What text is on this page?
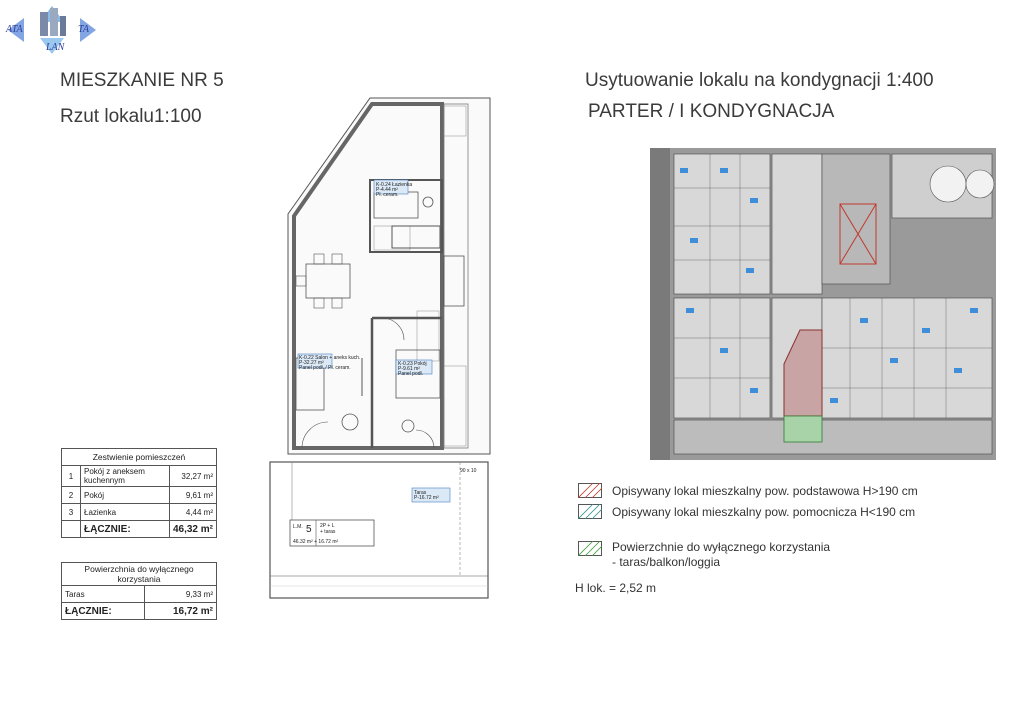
ATA	TA
LAN
MIESZKANIE NR 5
Rzut lokalu1:100
Usytuowanie lokalu na kondygnacji 1:400
PARTER / I KONDYGNACJA
K-0.24 Łazienka
P-4.44 m²
Pł. ceram.
K-0.22 Salon + aneks kuch.
P-32.27 m²
Panel podł. / Pł. ceram.
K-0.23 Pokój
P-9.61 m²
Panel podł.
Taras
P-16.72 m²
90 x 10
L.M. 5 2P + L
+ taras
46.32 m² + 16.72 m²
Zestwienie pomieszczeń		
1	Pokój z aneksem kuchennym	32,27 m²
2	Pokój	9,61 m²
3	Łazienka	4,44 m²
	ŁĄCZNIE:	46,32 m²
Powierzchnia do wyłącznego korzystania	
Taras	9,33 m²
ŁĄCZNIE:	16,72 m²
Opisywany lokal mieszkalny pow. podstawowa H>190 cm
Opisywany lokal mieszkalny pow. pomocnicza H<190 cm
Powierzchnie do wyłącznego korzystania
- taras/balkon/loggia
H lok. = 2,52 m
